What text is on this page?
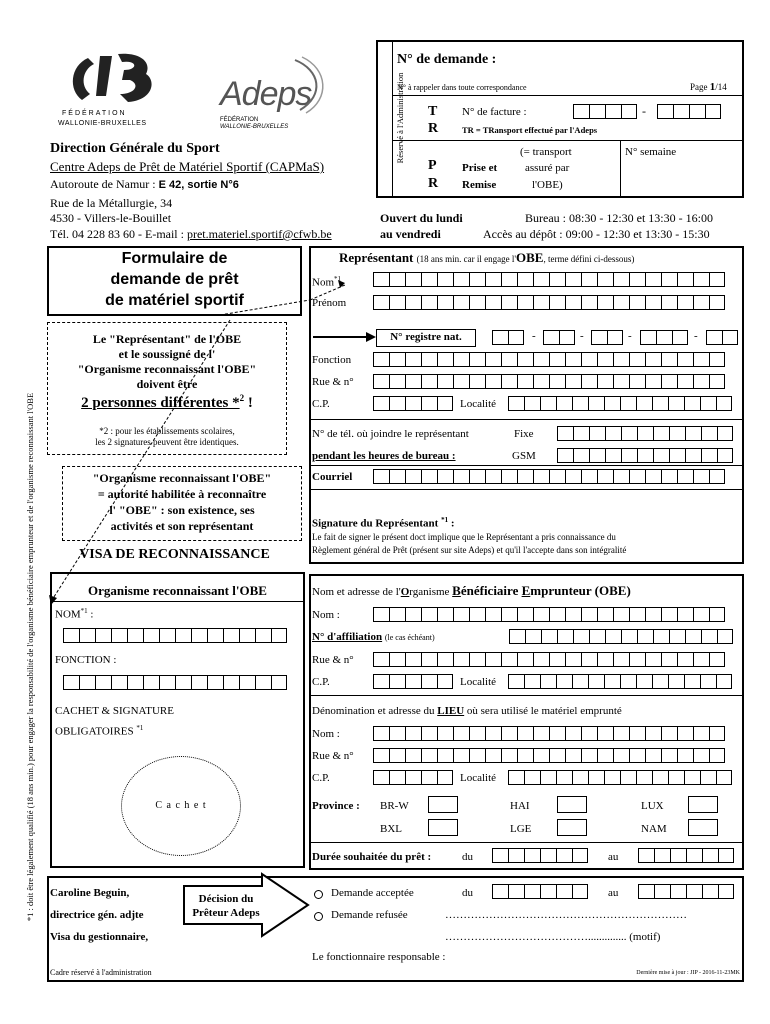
FÉDÉRATION
WALLONIE-BRUXELLES
Adeps
FÉDÉRATION
WALLONIE-BRUXELLES
Direction Générale du Sport
Centre Adeps de Prêt de Matériel Sportif (CAPMaS)
Autoroute de Namur : E 42, sortie N°6
Rue de la Métallurgie, 34
4530 - Villers-le-Bouillet
Tél. 04 228 83 60 - E-mail : pret.materiel.sportif@cfwb.be
Ouvert du lundi
au vendredi
Bureau : 08:30 - 12:30 et 13:30 - 16:00
Accès au dépôt : 09:00 - 12:30 et 13:30 - 15:30
Réservé à l'Administration
N° de demande :
N° à rappeler dans toute correspondance	Page 1/14
T
R
N° de facture :	-
TR = TRansport effectué par l'Adeps
P
R
Prise et
Remise
(= transport
assuré par
l'OBE)
N° semaine
Formulaire de
demande de prêt
de matériel sportif
Le "Représentant" de l'OBE
et le soussigné de l'
"Organisme reconnaissant l'OBE"
doivent être
2 personnes différentes *$^2$ !
*2 : pour les établissements scolaires,
les 2 signatures peuvent être identiques.
"Organisme reconnaissant l'OBE"
= autorité habilitée à reconnaître
l' "OBE" : son existence, ses
activités et son représentant
VISA DE RECONNAISSANCE
Organisme reconnaissant l'OBE
NOM$^{*1}$ :
FONCTION :
CACHET & SIGNATURE
OBLIGATOIRES $^{*1}$
C a c h e t
*1 : doit être légalement qualifié (18 ans min.) pour engager la responsabilité de l'organisme bénéficiaire emprunteur et de l'organisme reconnaissant l'OBE
Représentant (18 ans min. car il engage l'OBE, terme défini ci-dessous)
Nom$^{*1}$
Prénom
N° registre nat.	-	-	-	-
Fonction
Rue & n°
C.P.	Localité
N° de tél. où joindre le représentant
pendant les heures de bureau :
Fixe
GSM
Courriel
Signature du Représentant $^{*1}$ :
Le fait de signer le présent doct implique que le Représentant a pris connaissance du
Règlement général de Prêt (présent sur site Adeps) et qu'il l'accepte dans son intégralité
Nom et adresse de l'Organisme Bénéficiaire Emprunteur (OBE)
Nom :
N° d'affiliation (le cas échéant)
Rue & n°
C.P.	Localité
Dénomination et adresse du LIEU où sera utilisé le matériel emprunté
Nom :
Rue & n°
C.P.	Localité
Province : BR-W	HAI	LUX
BXL	LGE	NAM
Durée souhaitée du prêt :	du	au
Caroline Beguin,
directrice gén. adjte
Visa du gestionnaire,
Décision du
Prêteur Adeps
Demande acceptée	du	au
Demande refusée	…………………………………………………………
………………………………….............. (motif)
Le fonctionnaire responsable :
Cadre réservé à l'administration	Dernière mise à jour : JIP - 2016-11-23MK
